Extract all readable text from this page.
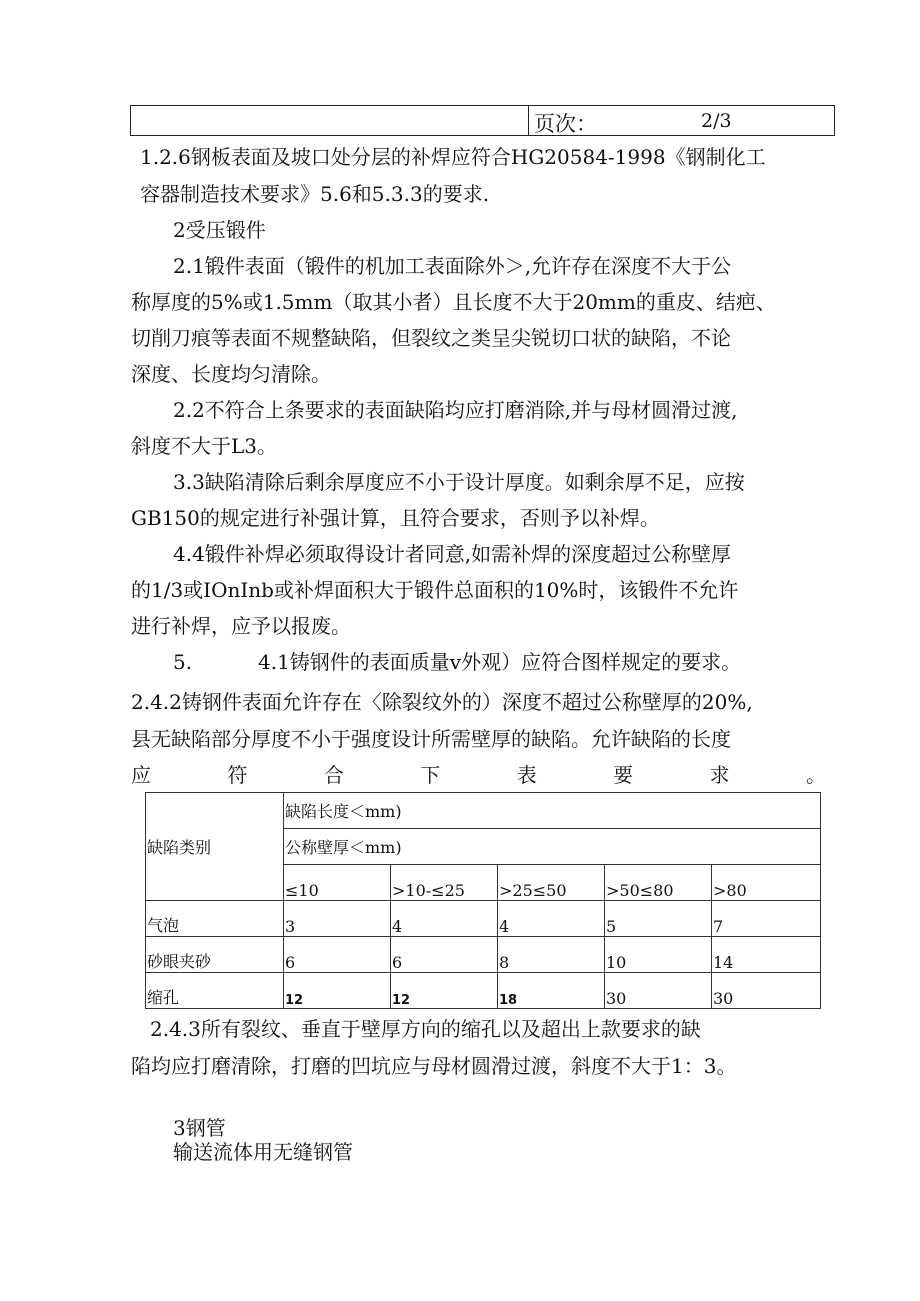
页次：	2/3
1.2.6钢板表面及坡口处分层的补焊应符合HG20584-1998《钢制化工
容器制造技术要求》5.6和5.3.3的要求.
2受压锻件
2.1锻件表面（锻件的机加工表面除外＞,允许存在深度不大于公
称厚度的5%或1.5mm（取其小者）且长度不大于20mm的重皮、结疤、
切削刀痕等表面不规整缺陷，但裂纹之类呈尖锐切口状的缺陷，不论
深度、长度均匀清除。
2.2不符合上条要求的表面缺陷均应打磨消除,并与母材圆滑过渡,
斜度不大于L3。
3.3缺陷清除后剩余厚度应不小于设计厚度。如剩余厚不足，应按
GB150的规定进行补强计算，且符合要求，否则予以补焊。
4.4锻件补焊必须取得设计者同意,如需补焊的深度超过公称壁厚
的1/3或IOnInb或补焊面积大于锻件总面积的10%时，该锻件不允许
进行补焊，应予以报废。
5.	4.1铸钢件的表面质量v外观）应符合图样规定的要求。
2.4.2铸钢件表面允许存在〈除裂纹外的）深度不超过公称壁厚的20%,
县无缺陷部分厚度不小于强度设计所需壁厚的缺陷。允许缺陷的长度
应	符	合	下	表	要	求	。
缺陷类别	缺陷长度＜mm)				
	公称壁厚＜mm)				
	≤10	>10-≤25	>25≤50	>50≤80	>80
气泡	3	4	4	5	7
砂眼夹砂	6	6	8	10	14
缩孔	12	12	18	30	30
2.4.3所有裂纹、垂直于壁厚方向的缩孔以及超出上款要求的缺
陷均应打磨清除，打磨的凹坑应与母材圆滑过渡，斜度不大于1：3。
3钢管
输送流体用无缝钢管
